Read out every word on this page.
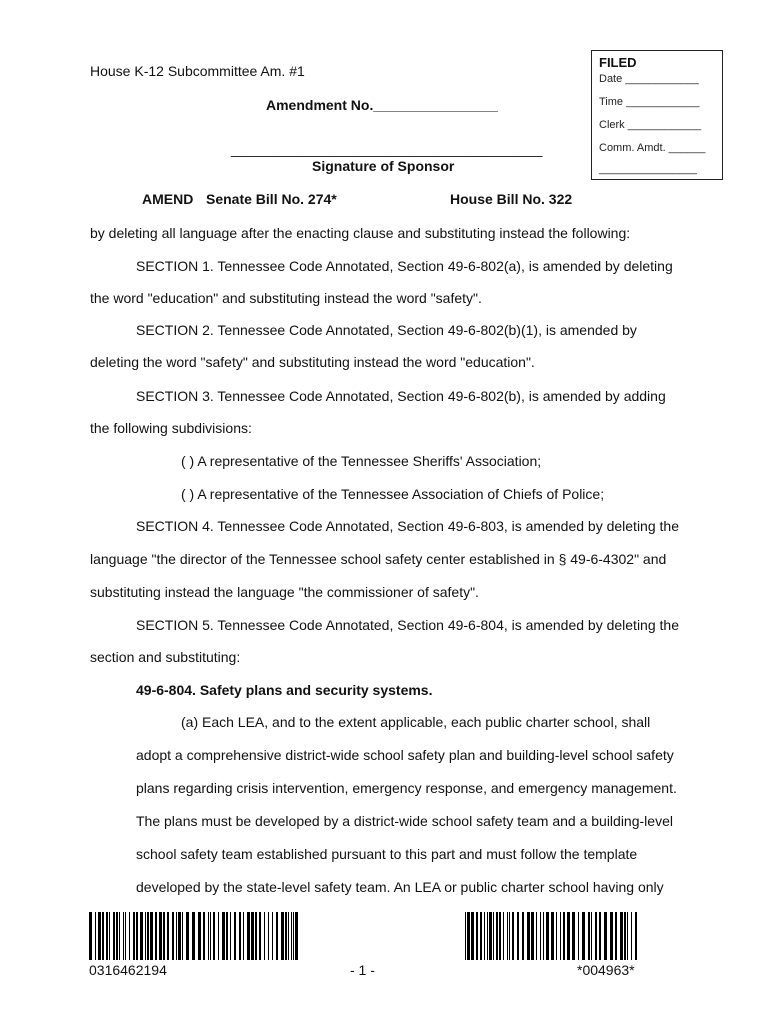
House K-12 Subcommittee Am. #1
Amendment No.________________
________________________________________
Signature of Sponsor
FILED
Date ____________
Time ____________
Clerk ____________
Comm. Amdt. ______
________________
AMEND Senate Bill No. 274*	House Bill No. 322
by deleting all language after the enacting clause and substituting instead the following:
SECTION 1. Tennessee Code Annotated, Section 49-6-802(a), is amended by deleting
the word "education" and substituting instead the word "safety".
SECTION 2. Tennessee Code Annotated, Section 49-6-802(b)(1), is amended by
deleting the word "safety" and substituting instead the word "education".
SECTION 3. Tennessee Code Annotated, Section 49-6-802(b), is amended by adding
the following subdivisions:
( ) A representative of the Tennessee Sheriffs' Association;
( ) A representative of the Tennessee Association of Chiefs of Police;
SECTION 4. Tennessee Code Annotated, Section 49-6-803, is amended by deleting the
language "the director of the Tennessee school safety center established in § 49-6-4302" and
substituting instead the language "the commissioner of safety".
SECTION 5. Tennessee Code Annotated, Section 49-6-804, is amended by deleting the
section and substituting:
49-6-804. Safety plans and security systems.
(a) Each LEA, and to the extent applicable, each public charter school, shall
adopt a comprehensive district-wide school safety plan and building-level school safety
plans regarding crisis intervention, emergency response, and emergency management.
The plans must be developed by a district-wide school safety team and a building-level
school safety team established pursuant to this part and must follow the template
developed by the state-level safety team. An LEA or public charter school having only
0316462194	- 1 -	*004963*
